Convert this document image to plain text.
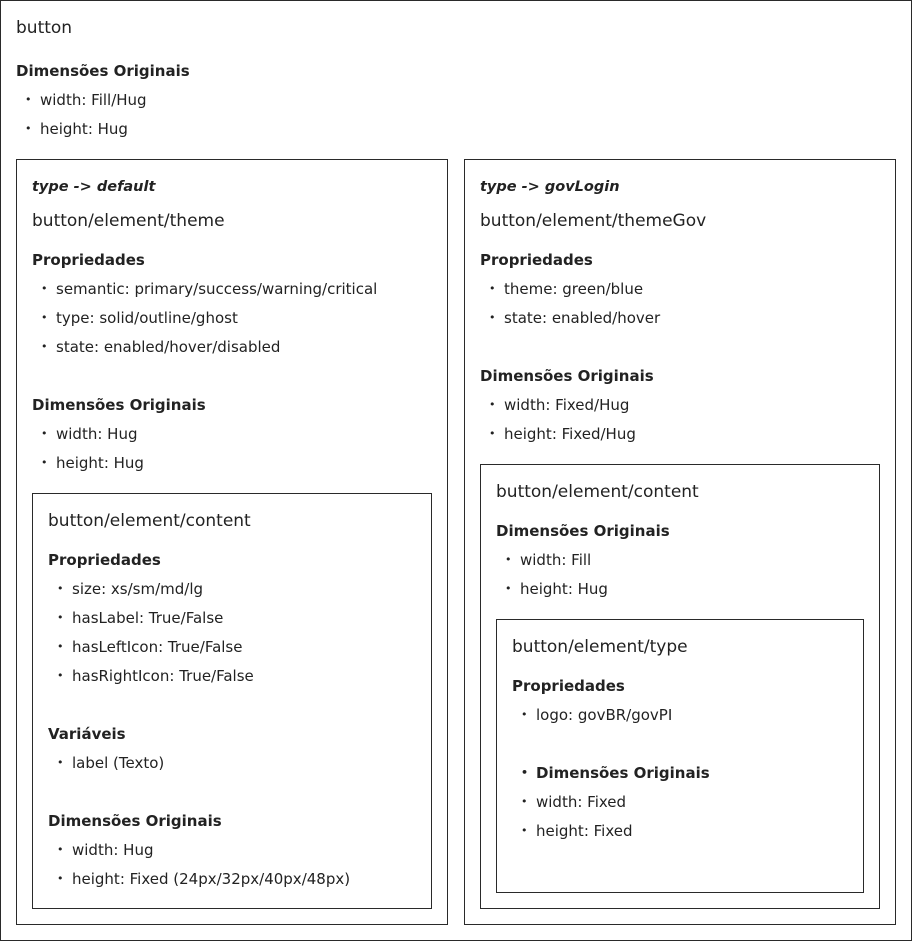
button
Dimensões Originais
• width: Fill/Hug
• height: Hug
type -> default
button/element/theme
Propriedades
• semantic: primary/success/warning/critical
• type: solid/outline/ghost
• state: enabled/hover/disabled
Dimensões Originais
• width: Hug
• height: Hug
button/element/content
Propriedades
• size: xs/sm/md/lg
• hasLabel: True/False
• hasLeftIcon: True/False
• hasRightIcon: True/False
Variáveis
• label (Texto)
Dimensões Originais
• width: Hug
• height: Fixed (24px/32px/40px/48px)
type -> govLogin
button/element/themeGov
Propriedades
• theme: green/blue
• state: enabled/hover
Dimensões Originais
• width: Fixed/Hug
• height: Fixed/Hug
button/element/content
Dimensões Originais
• width: Fill
• height: Hug
button/element/type
Propriedades
• logo: govBR/govPI
• Dimensões Originais
• width: Fixed
• height: Fixed
